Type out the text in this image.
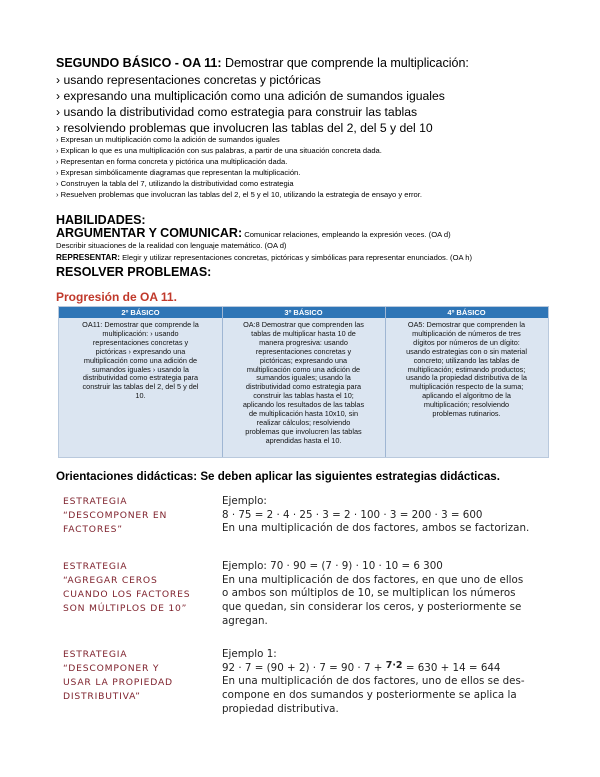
SEGUNDO BÁSICO - OA 11: Demostrar que comprende la multiplicación:
› usando representaciones concretas y pictóricas
› expresando una multiplicación como una adición de sumandos iguales
› usando la distributividad como estrategia para construir las tablas
› resolviendo problemas que involucren las tablas del 2, del 5 y del 10
› Expresan un multiplicación como la adición de sumandos iguales
› Explican lo que es una multiplicación con sus palabras, a partir de una situación concreta dada.
› Representan en forma concreta y pictórica una multiplicación dada.
› Expresan simbólicamente diagramas que representan la multiplicación.
› Construyen la tabla del 7, utilizando la distributividad como estrategia
› Resuelven problemas que involucran las tablas del 2, el 5 y el 10, utilizando la estrategia de ensayo y error.
HABILIDADES:
ARGUMENTAR Y COMUNICAR: Comunicar relaciones, empleando la expresión veces. (OA d)
Describir situaciones de la realidad con lenguaje matemático. (OA d)
REPRESENTAR: Elegir y utilizar representaciones concretas, pictóricas y simbólicas para representar enunciados. (OA h)
RESOLVER PROBLEMAS:
Progresión de OA 11.
2º BÁSICO	3º BÁSICO	4º BÁSICO
OA11: Demostrar que comprende la
multiplicación: › usando
representaciones concretas y
pictóricas › expresando una
multiplicación como una adición de
sumandos iguales › usando la
distributividad como estrategia para
construir las tablas del 2, del 5 y del
10.
OA:8 Demostrar que comprenden las
tablas de multiplicar hasta 10 de
manera progresiva: usando
representaciones concretas y
pictóricas; expresando una
multiplicación como una adición de
sumandos iguales; usando la
distributividad como estrategia para
construir las tablas hasta el 10;
aplicando los resultados de las tablas
de multiplicación hasta 10x10, sin
realizar cálculos; resolviendo
problemas que involucren las tablas
aprendidas hasta el 10.
OA5: Demostrar que comprenden la
multiplicación de números de tres
dígitos por números de un dígito:
usando estrategias con o sin material
concreto; utilizando las tablas de
multiplicación; estimando productos;
usando la propiedad distributiva de la
multiplicación respecto de la suma;
aplicando el algoritmo de la
multiplicación; resolviendo
problemas rutinarios.
Orientaciones didácticas: Se deben aplicar las siguientes estrategias didácticas.
ESTRATEGIA
“DESCOMPONER EN
FACTORES”
Ejemplo:
8 · 75 = 2 · 4 · 25 · 3 = 2 · 100 · 3 = 200 · 3 = 600
En una multiplicación de dos factores, ambos se factorizan.
ESTRATEGIA
“AGREGAR CEROS
CUANDO LOS FACTORES
SON MÚLTIPLOS DE 10”
Ejemplo: 70 · 90 = (7 · 9) · 10 · 10 = 6 300
En una multiplicación de dos factores, en que uno de ellos
o ambos son múltiplos de 10, se multiplican los números
que quedan, sin considerar los ceros, y posteriormente se
agregan.
ESTRATEGIA
“DESCOMPONER Y
USAR LA PROPIEDAD
DISTRIBUTIVA”
Ejemplo 1:
92 · 7 = (90 + 2) · 7 = 90 · 7 + 7·2 = 630 + 14 = 644
En una multiplicación de dos factores, uno de ellos se des-
compone en dos sumandos y posteriormente se aplica la
propiedad distributiva.
